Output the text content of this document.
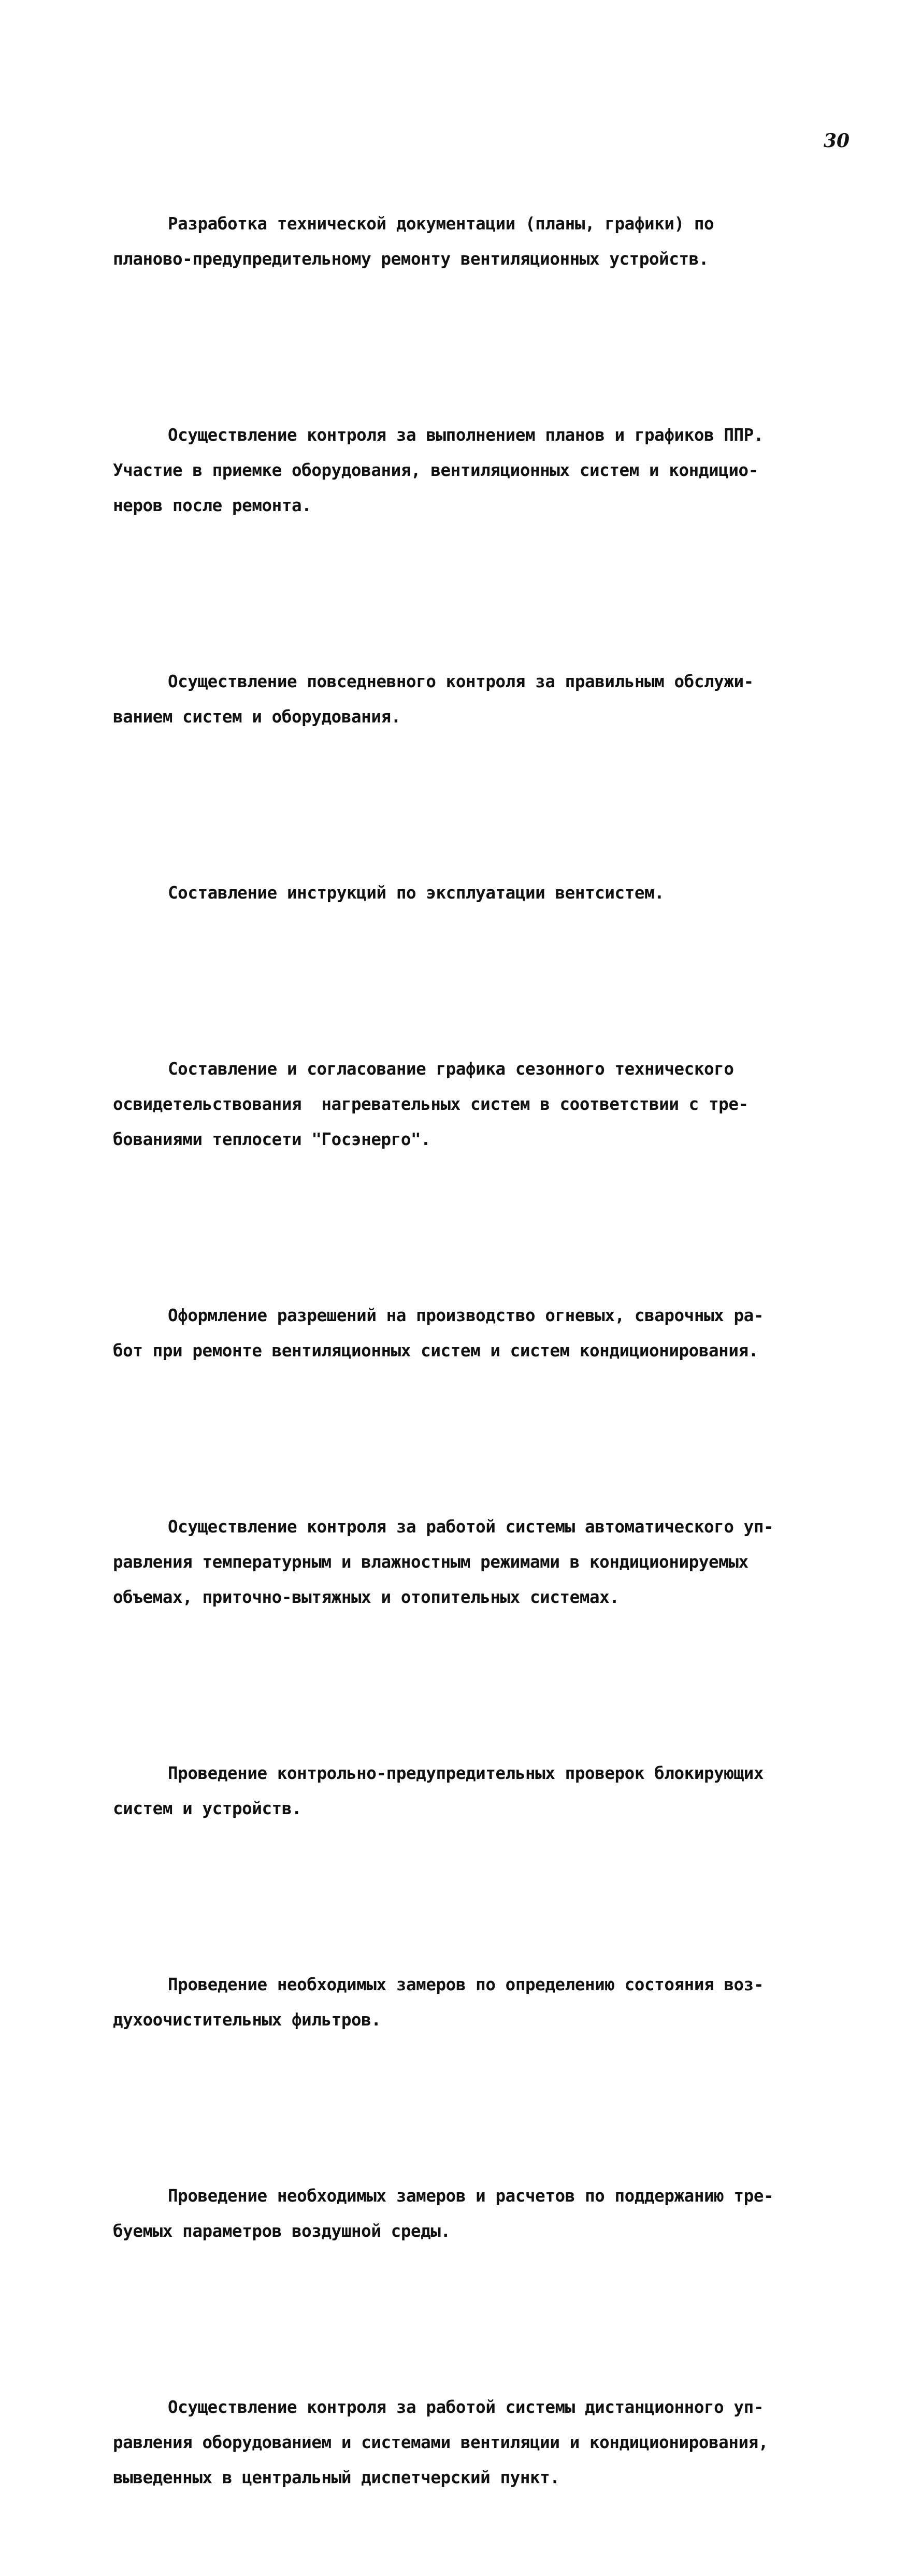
30

Разработка технической документации (планы, графики) по
планово-предупредительному ремонту вентиляционных устройств.

Осуществление контроля за выполнением планов и графиков ППР.
Участие в приемке оборудования, вентиляционных систем и кондицио-
неров после ремонта.

Осуществление повседневного контроля за правильным обслужи-
ванием систем и оборудования.

Составление инструкций по эксплуатации вентсистем.

Составление и согласование графика сезонного технического
освидетельствования  нагревательных систем в соответствии с тре-
бованиями теплосети "Госэнерго".

Оформление разрешений на производство огневых, сварочных ра-
бот при ремонте вентиляционных систем и систем кондиционирования.

Осуществление контроля за работой системы автоматического уп-
равления температурным и влажностным режимами в кондиционируемых
объемах, приточно-вытяжных и отопительных системах.

Проведение контрольно-предупредительных проверок блокирующих
систем и устройств.

Проведение необходимых замеров по определению состояния воз-
духоочистительных фильтров.

Проведение необходимых замеров и расчетов по поддержанию тре-
буемых параметров воздушной среды.

Осуществление контроля за работой системы дистанционного уп-
равления оборудованием и системами вентиляции и кондиционирования,
выведенных в центральный диспетчерский пункт.
